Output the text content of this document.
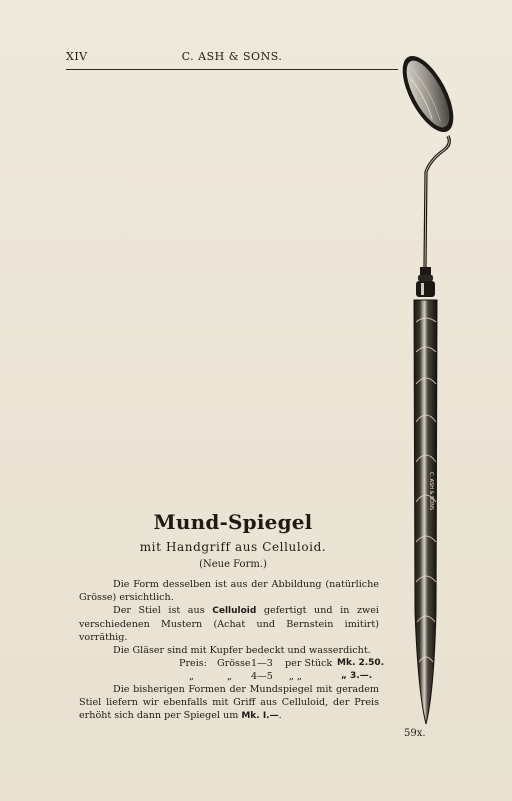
XIV	C. ASH & SONS.
C. ASH & SONS
Mund-Spiegel
mit Handgriff aus Celluloid.
(Neue Form.)

Die Form desselben ist aus der Abbildung (natürliche Grösse) ersichtlich.

Der Stiel ist aus Celluloid gefertigt und in zwei verschiedenen Mustern (Achat und Bernstein imitirt) vorräthig.

Die Gläser sind mit Kupfer bedeckt und wasserdicht.

Preis: Grösse 1—3 per Stück Mk. 2.50.
„	„ 4—5 „ „	„ 3.—.

Die bisherigen Formen der Mundspiegel mit geradem Stiel liefern wir ebenfalls mit Griff aus Celluloid, der Preis erhöht sich dann per Spiegel um Mk. I.—.

59x.
